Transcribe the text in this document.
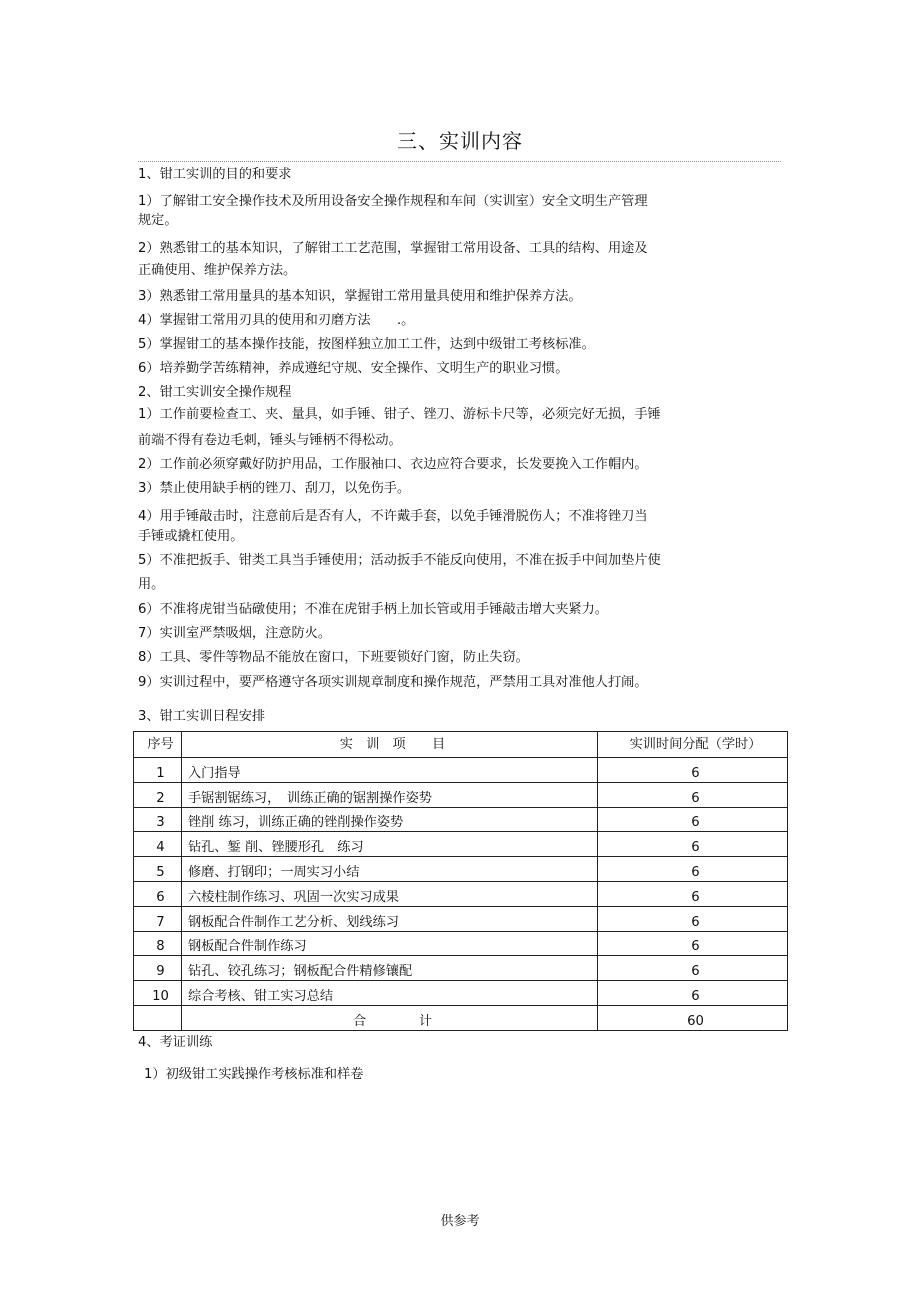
三、实训内容
1、钳工实训的目的和要求
1）了解钳工安全操作技术及所用设备安全操作规程和车间（实训室）安全文明生产管理
规定。
2）熟悉钳工的基本知识，了解钳工工艺范围，掌握钳工常用设备、工具的结构、用途及
正确使用、维护保养方法。
3）熟悉钳工常用量具的基本知识，掌握钳工常用量具使用和维护保养方法。
4）掌握钳工常用刃具的使用和刃磨方法　　.。
5）掌握钳工的基本操作技能，按图样独立加工工件，达到中级钳工考核标准。
6）培养勤学苦练精神，养成遵纪守规、安全操作、文明生产的职业习惯。
2、钳工实训安全操作规程
1）工作前要检查工、夹、量具，如手锤、钳子、锉刀、游标卡尺等，必须完好无损，手锤
前端不得有卷边毛刺，锤头与锤柄不得松动。
2）工作前必须穿戴好防护用品，工作服袖口、衣边应符合要求，长发要挽入工作帽内。
3）禁止使用缺手柄的锉刀、刮刀，以免伤手。
4）用手锤敲击时，注意前后是否有人，不许戴手套，以免手锤滑脱伤人；不准将锉刀当
手锤或撬杠使用。
5）不准把扳手、钳类工具当手锤使用；活动扳手不能反向使用，不准在扳手中间加垫片使
用。
6）不准将虎钳当砧礅使用；不准在虎钳手柄上加长管或用手锤敲击增大夹紧力。
7）实训室严禁吸烟，注意防火。
8）工具、零件等物品不能放在窗口，下班要锁好门窗，防止失窃。
9）实训过程中，要严格遵守各项实训规章制度和操作规范，严禁用工具对准他人打闹。
3、钳工实训日程安排
序号	实　训　项　　目	实训时间分配（学时）
1	入门指导	6
2	手锯割锯练习，　训练正确的锯割操作姿势	6
3	锉削 练习，训练正确的锉削操作姿势	6
4	钻孔、錾 削、锉腰形孔　练习	6
5	修磨、打钢印；一周实习小结	6
6	六棱柱制作练习、巩固一次实习成果	6
7	钢板配合件制作工艺分析、划线练习	6
8	钢板配合件制作练习	6
9	钻孔、铰孔练习；钢板配合件精修镶配	6
10	综合考核、钳工实习总结	6
	合　　　　计	60
4、考证训练
1）初级钳工实践操作考核标准和样卷
供参考
